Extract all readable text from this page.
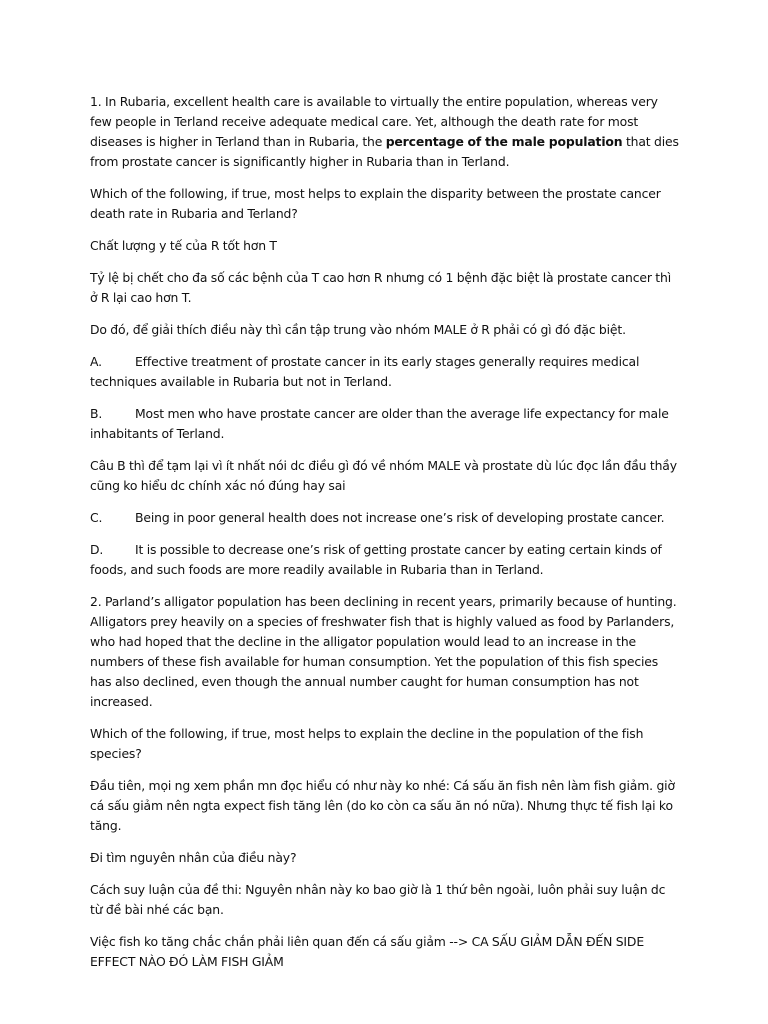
1. In Rubaria, excellent health care is available to virtually the entire population, whereas very few people in Terland receive adequate medical care. Yet, although the death rate for most diseases is higher in Terland than in Rubaria, the percentage of the male population that dies from prostate cancer is significantly higher in Rubaria than in Terland.

Which of the following, if true, most helps to explain the disparity between the prostate cancer death rate in Rubaria and Terland?

Chất lượng y tế của R tốt hơn T

Tỷ lệ bị chết cho đa số các bệnh của T cao hơn R nhưng có 1 bệnh đặc biệt là prostate cancer thì ở R lại cao hơn T.

Do đó, để giải thích điều này thì cần tập trung vào nhóm MALE ở R phải có gì đó đặc biệt.

A.	Effective treatment of prostate cancer in its early stages generally requires medical techniques available in Rubaria but not in Terland.

B.	Most men who have prostate cancer are older than the average life expectancy for male inhabitants of Terland.

Câu B thì để tạm lại vì ít nhất nói dc điều gì đó về nhóm MALE và prostate dù lúc đọc lần đầu thầy cũng ko hiểu dc chính xác nó đúng hay sai

C.	Being in poor general health does not increase one’s risk of developing prostate cancer.

D.	It is possible to decrease one’s risk of getting prostate cancer by eating certain kinds of foods, and such foods are more readily available in Rubaria than in Terland.

2. Parland’s alligator population has been declining in recent years, primarily because of hunting. Alligators prey heavily on a species of freshwater fish that is highly valued as food by Parlanders, who had hoped that the decline in the alligator population would lead to an increase in the numbers of these fish available for human consumption. Yet the population of this fish species has also declined, even though the annual number caught for human consumption has not increased.

Which of the following, if true, most helps to explain the decline in the population of the fish species?

Đầu tiên, mọi ng xem phần mn đọc hiểu có như này ko nhé: Cá sấu ăn fish nên làm fish giảm. giờ cá sấu giảm nên ngta expect fish tăng lên (do ko còn ca sấu ăn nó nữa). Nhưng thực tế fish lại ko tăng.

Đi tìm nguyên nhân của điều này?

Cách suy luận của đề thi: Nguyên nhân này ko bao giờ là 1 thứ bên ngoài, luôn phải suy luận dc từ đề bài nhé các bạn.

Việc fish ko tăng chắc chắn phải liên quan đến cá sấu giảm --> CA SẤU GIẢM DẪN ĐẾN SIDE EFFECT NÀO ĐÓ LÀM FISH GIẢM
